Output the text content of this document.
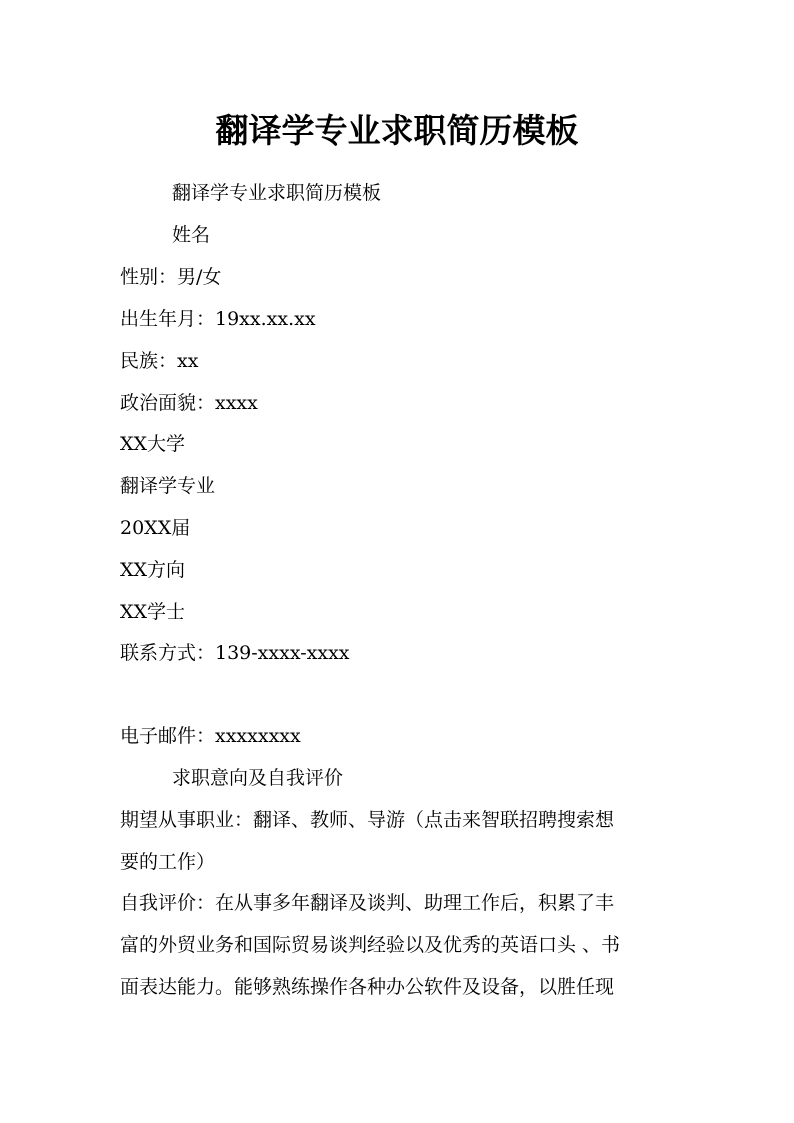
翻译学专业求职简历模板
翻译学专业求职简历模板
姓名
性别：男/女
出生年月：19xx.xx.xx
民族：xx
政治面貌：xxxx
XX大学
翻译学专业
20XX届
XX方向
XX学士
联系方式：139-xxxx-xxxx
电子邮件：xxxxxxxx
求职意向及自我评价
期望从事职业：翻译、教师、导游（点击来智联招聘搜索想
要的工作）
自我评价：在从事多年翻译及谈判、助理工作后，积累了丰
富的外贸业务和国际贸易谈判经验以及优秀的英语口头 、书
面表达能力。能够熟练操作各种办公软件及设备，以胜任现
